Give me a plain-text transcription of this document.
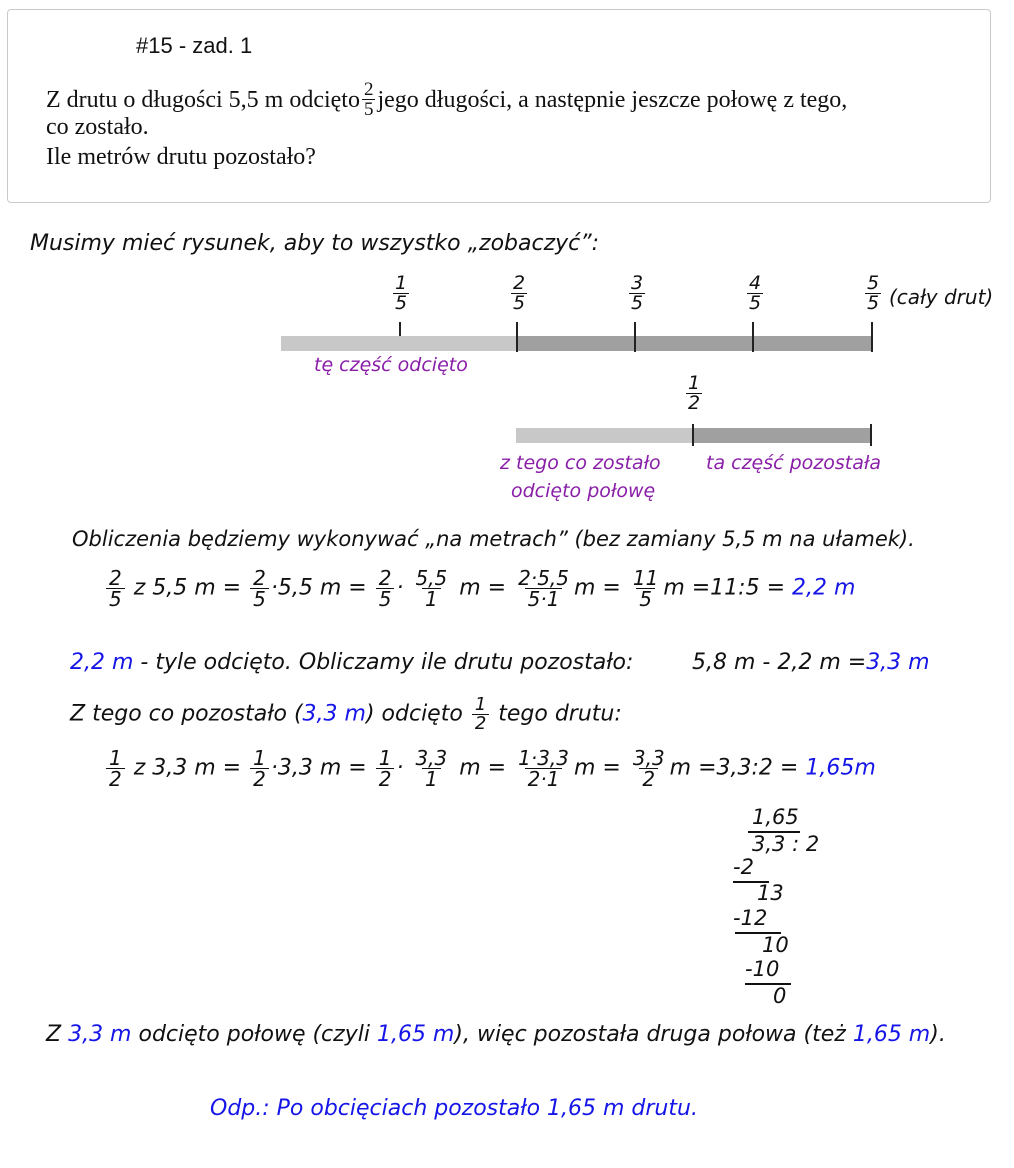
#15 - zad. 1
Z drutu o długości 5,5 m odcięto $\frac{2}{5}$ jego długości, a następnie jeszcze połowę z tego,
co zostało.
Ile metrów drutu pozostało?
Musimy mieć rysunek, aby to wszystko „zobaczyć”:
$\frac{1}{5}$	$\frac{2}{5}$	$\frac{3}{5}$	$\frac{4}{5}$	$\frac{5}{5}$ (cały drut)
tę część odcięto
$\frac{1}{2}$
z tego co zostało
odcięto połowę
ta część pozostała
Obliczenia będziemy wykonywać „na metrach” (bez zamiany 5,5 m na ułamek).
$\frac{2}{5}$ z 5,5 $m = \frac{2}{5} \cdot 5,5$ $m = \frac{2}{5} \cdot \frac{5,5}{1}$ $m = \frac{2\cdot 5,5}{5\cdot 1}$ $m = \frac{11}{5}$ m =11:5 = 2,2 m
2,2 m - tyle odcięto. Obliczamy ile drutu pozostało:	5,8 m - 2,2 m =3,3 m
Z tego co pozostało (3,3 m) odcięto $\frac{1}{2}$ tego drutu:
$\frac{1}{2}$ z 3,3 $m = \frac{1}{2} \cdot 3,3$ $m = \frac{1}{2} \cdot \frac{3,3}{1}$ $m = \frac{1\cdot 3,3}{2\cdot 1}$ $m = \frac{3,3}{2}$ m =3,3:2 = 1,65m
1,65
3,3 : 2
-2
13
-12
10
-10
0
Z 3,3 m odcięto połowę (czyli 1,65 m), więc pozostała druga połowa (też 1,65 m).
Odp.: Po obcięciach pozostało 1,65 m drutu.
